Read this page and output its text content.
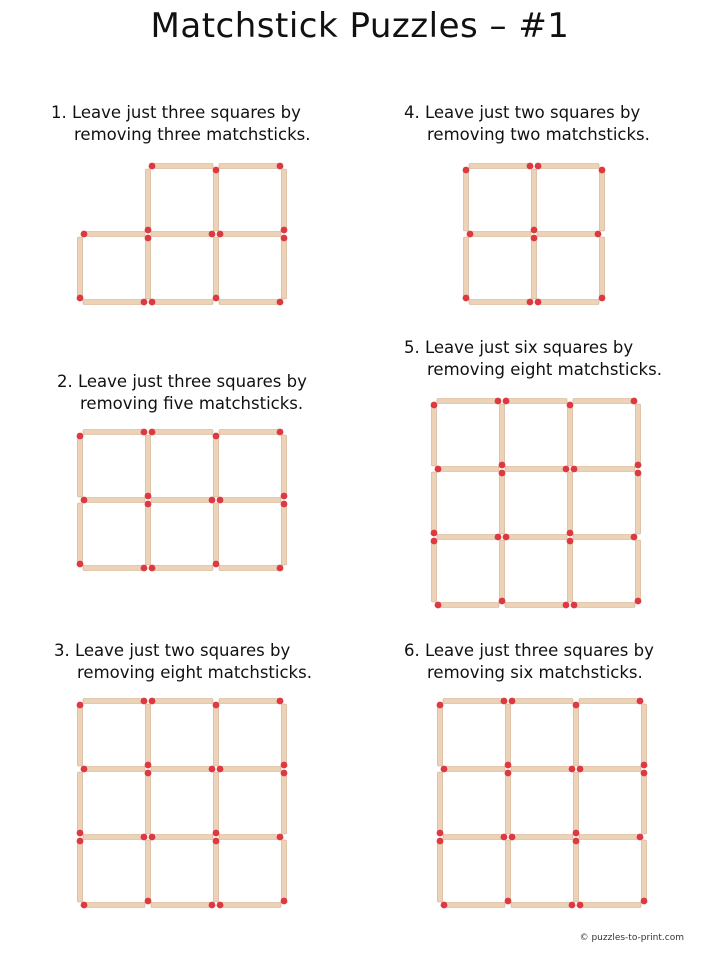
Matchstick Puzzles – #1
1. Leave just three squares by
removing three matchsticks.
2. Leave just three squares by
removing five matchsticks.
3. Leave just two squares by
removing eight matchsticks.
4. Leave just two squares by
removing two matchsticks.
5. Leave just six squares by
removing eight matchsticks.
6. Leave just three squares by
removing six matchsticks.
© puzzles-to-print.com
